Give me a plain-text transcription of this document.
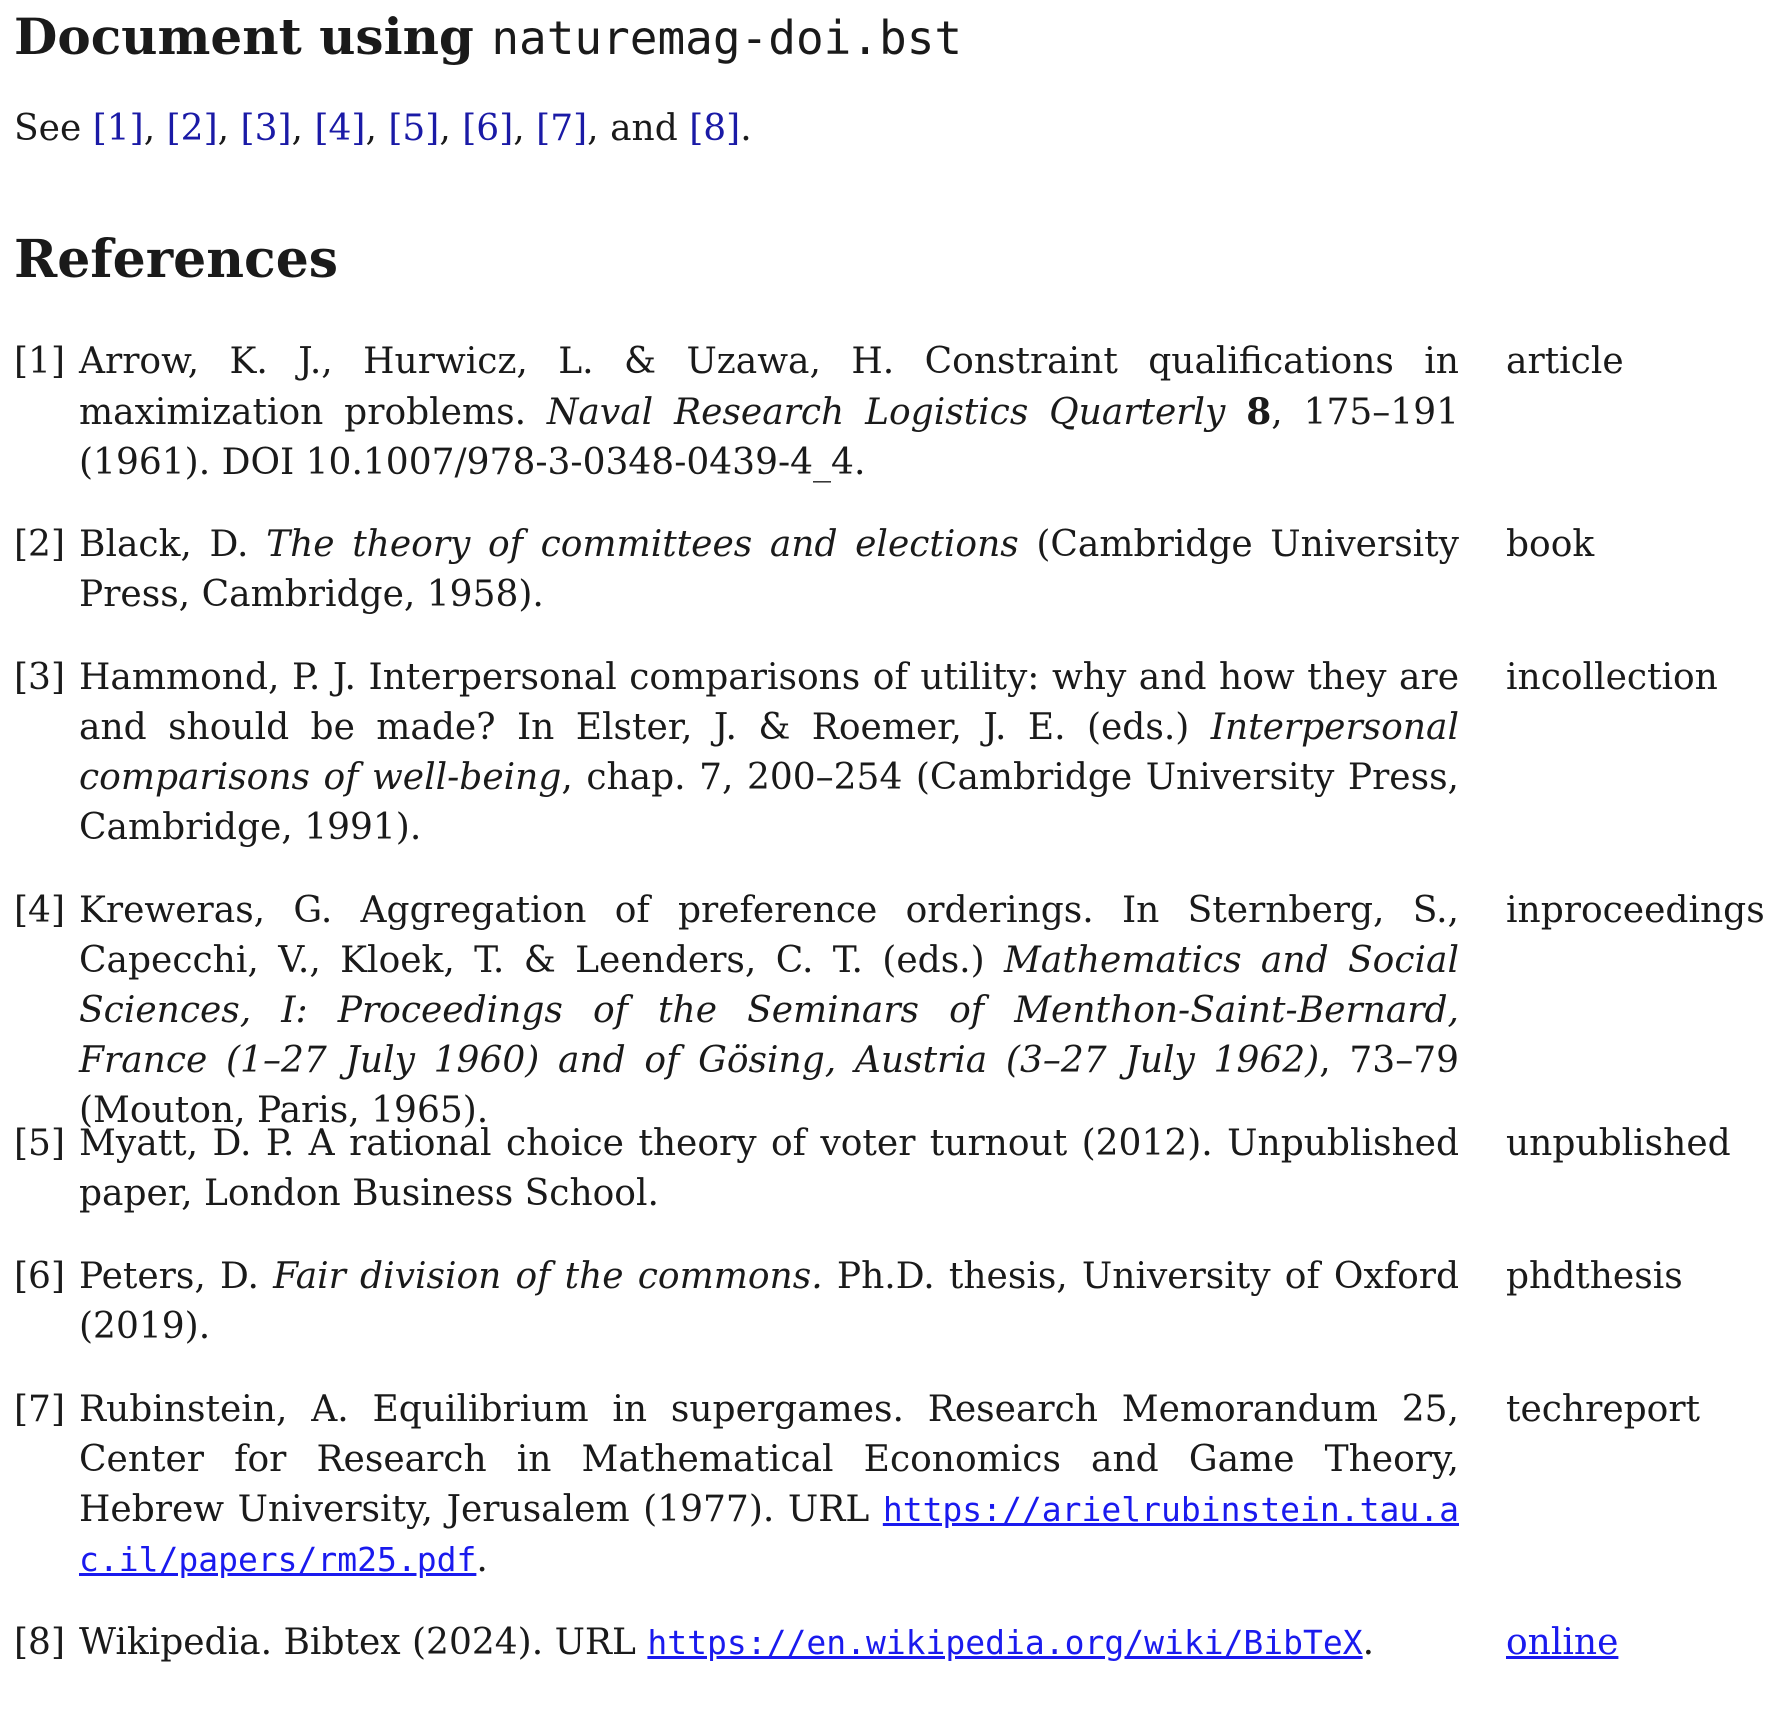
Document using naturemag-doi.bst
See [1], [2], [3], [4], [5], [6], [7], and [8].
References
[1] Arrow, K. J., Hurwicz, L. & Uzawa, H. Constraint qualifications in maximization problems. Naval Research Logistics Quarterly 8, 175–191 (1961). DOI 10.1007/978-3-0348-0439-4_4.
article
[2] Black, D. The theory of committees and elections (Cambridge University Press, Cambridge, 1958).
book
[3] Hammond, P. J. Interpersonal comparisons of utility: why and how they are and should be made? In Elster, J. & Roemer, J. E. (eds.) Interpersonal comparisons of well-being, chap. 7, 200–254 (Cambridge University Press, Cambridge, 1991).
incollection
[4] Kreweras, G. Aggregation of preference orderings. In Sternberg, S., Capecchi, V., Kloek, T. & Leenders, C. T. (eds.) Mathematics and Social Sciences, I: Proceedings of the Seminars of Menthon-Saint-Bernard, France (1–27 July 1960) and of Gösing, Austria (3–27 July 1962), 73–79 (Mouton, Paris, 1965).
inproceedings
[5] Myatt, D. P. A rational choice theory of voter turnout (2012). Unpublished paper, London Business School.
unpublished
[6] Peters, D. Fair division of the commons. Ph.D. thesis, University of Oxford (2019).
phdthesis
[7] Rubinstein, A. Equilibrium in supergames. Research Memorandum 25, Center for Research in Mathematical Economics and Game Theory, Hebrew University, Jerusalem (1977). URL https://arielrubinstein.tau.ac.il/papers/rm25.pdf.
techreport
[8] Wikipedia. Bibtex (2024). URL https://en.wikipedia.org/wiki/BibTeX.	online
